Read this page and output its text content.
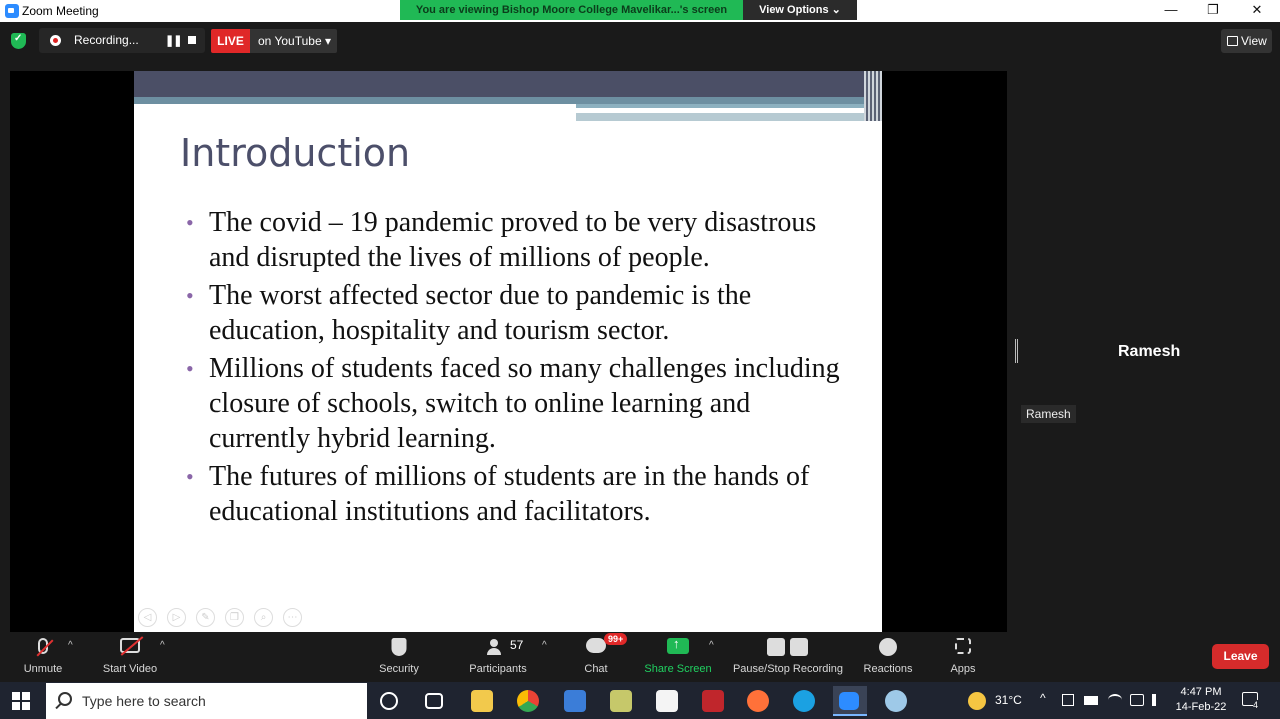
Zoom Meeting	You are viewing Bishop Moore College Mavelikar...'s screen	View Options ⌄	—	❐	✕
✓
Recording... ❚❚	LIVE	on YouTube ▾	View
Introduction
• The covid – 19 pandemic proved to be very disastrous and disrupted the lives of millions of people.
• The worst affected sector due to pandemic is the education, hospitality and tourism sector.
• Millions of students faced so many challenges including closure of schools, switch to online learning and currently hybrid learning.
• The futures of millions of students are in the hands of educational institutions and facilitators.
◁ ▷ ✎ ❐ ⌕ ⋯
Ramesh
Ramesh
Unmute
^
Start Video
^
Security
57
Participants
^
99+
Chat
↑	Share Screen
^
Pause/Stop Recording	Reactions	Apps
Leave
Type here to search	31°C ^	4:47 PM
14-Feb-22	4
